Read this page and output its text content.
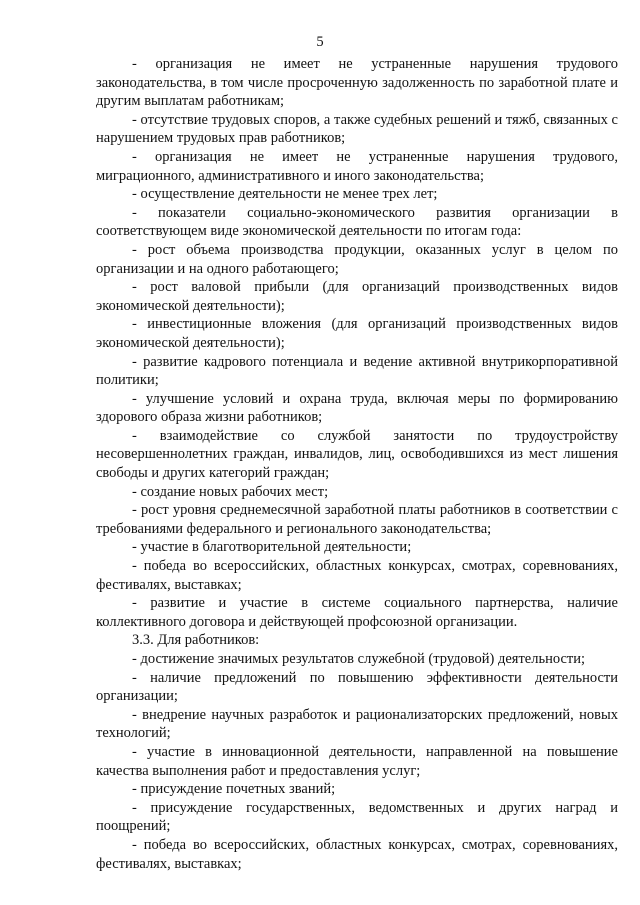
5

- организация не имеет не устраненные нарушения трудового законодательства, в том числе просроченную задолженность по заработной плате и другим выплатам работникам;

- отсутствие трудовых споров, а также судебных решений и тяжб, связанных с нарушением трудовых прав работников;

- организация не имеет не устраненные нарушения трудового, миграционного, административного и иного законодательства;

- осуществление деятельности не менее трех лет;

- показатели социально-экономического развития организации в соответствующем виде экономической деятельности по итогам года:

- рост объема производства продукции, оказанных услуг в целом по организации и на одного работающего;

- рост валовой прибыли (для организаций производственных видов экономической деятельности);

- инвестиционные вложения (для организаций производственных видов экономической деятельности);

- развитие кадрового потенциала и ведение активной внутрикорпоративной политики;

- улучшение условий и охрана труда, включая меры по формированию здорового образа жизни работников;

- взаимодействие со службой занятости по трудоустройству несовершеннолетних граждан, инвалидов, лиц, освободившихся из мест лишения свободы и других категорий граждан;

- создание новых рабочих мест;

- рост уровня среднемесячной заработной платы работников в соответствии с требованиями федерального и регионального законодательства;

- участие в благотворительной деятельности;

- победа во всероссийских, областных конкурсах, смотрах, соревнованиях, фестивалях, выставках;

- развитие и участие в системе социального партнерства, наличие коллективного договора и действующей профсоюзной организации.

3.3. Для работников:

- достижение значимых результатов служебной (трудовой) деятельности;

- наличие предложений по повышению эффективности деятельности организации;

- внедрение научных разработок и рационализаторских предложений, новых технологий;

- участие в инновационной деятельности, направленной на повышение качества выполнения работ и предоставления услуг;

- присуждение почетных званий;

- присуждение государственных, ведомственных и других наград и поощрений;

- победа во всероссийских, областных конкурсах, смотрах, соревнованиях, фестивалях, выставках;
